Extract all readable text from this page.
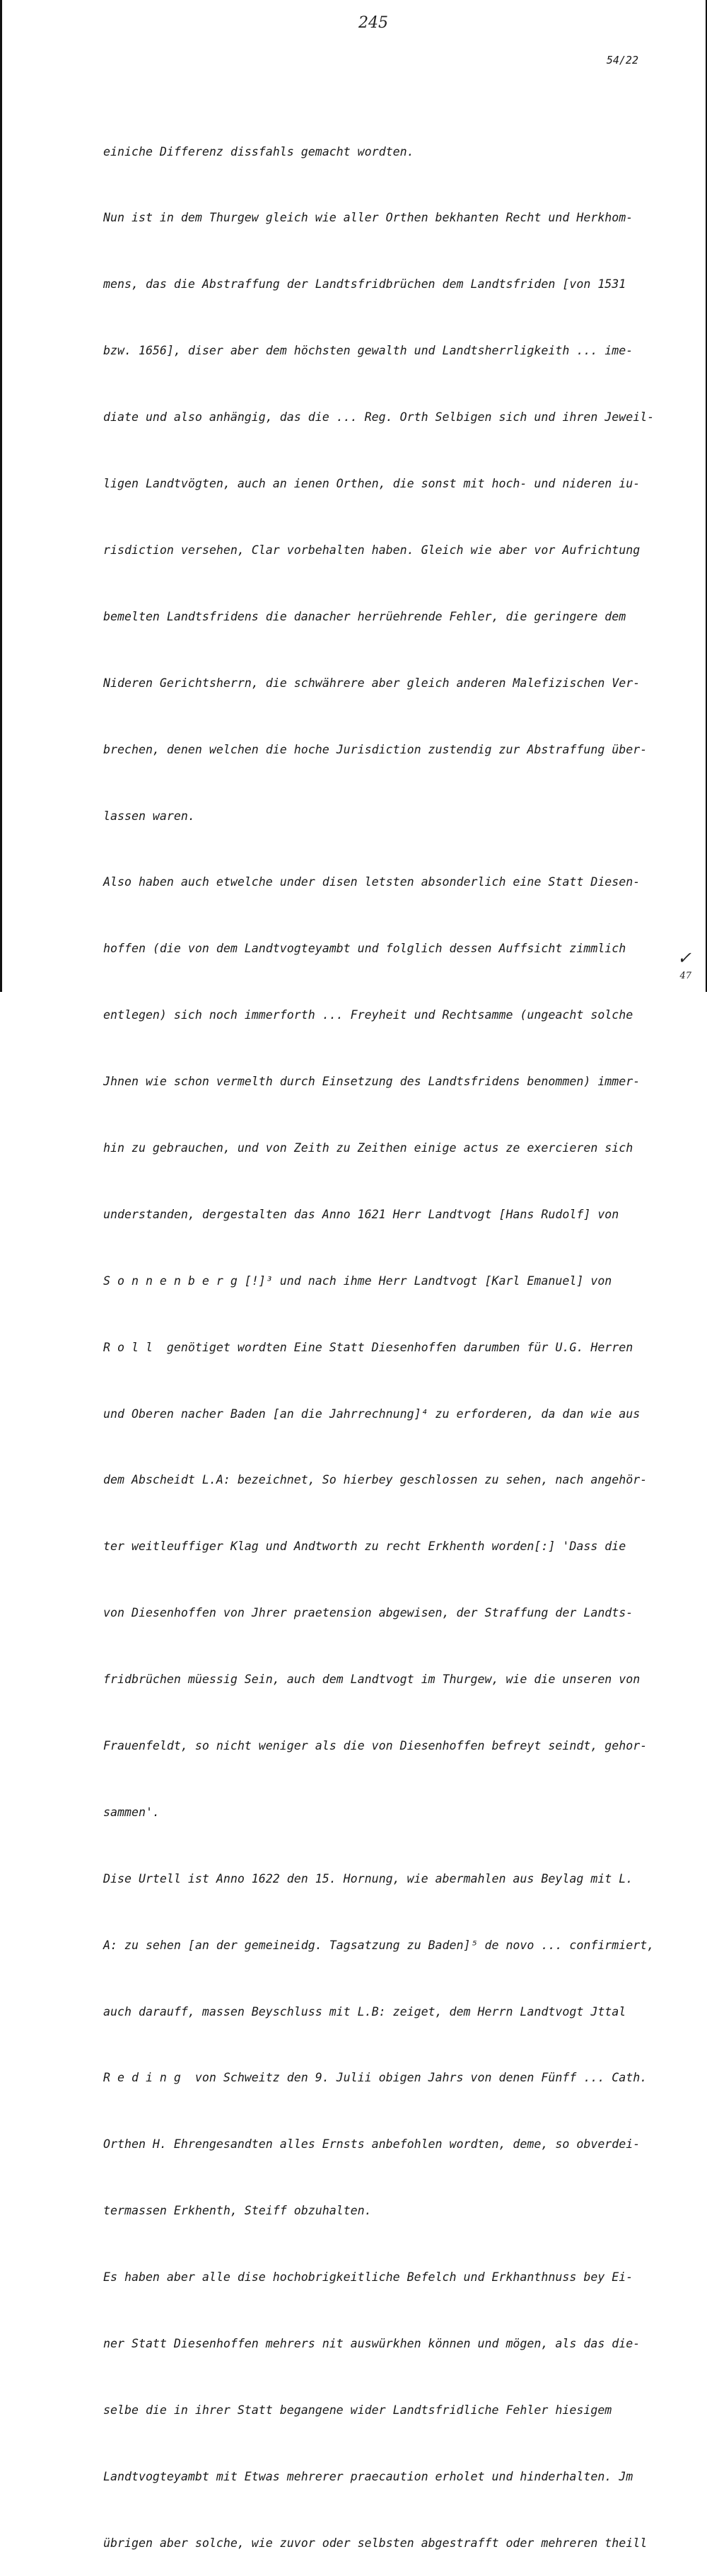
245
54/22

einiche Differenz dissfahls gemacht wordten.

Nun ist in dem Thurgew gleich wie aller Orthen bekhanten Recht und Herkhom-

mens, das die Abstraffung der Landtsfridbrüchen dem Landtsfriden [von 1531

bzw. 1656], diser aber dem höchsten gewalth und Landtsherrligkeith ... ime-

diate und also anhängig, das die ... Reg. Orth Selbigen sich und ihren Jeweil-

ligen Landtvögten, auch an ienen Orthen, die sonst mit hoch- und nideren iu-

risdiction versehen, Clar vorbehalten haben. Gleich wie aber vor Aufrichtung

bemelten Landtsfridens die danacher herrüehrende Fehler, die geringere dem

Nideren Gerichtsherrn, die schwährere aber gleich anderen Malefizischen Ver-

brechen, denen welchen die hoche Jurisdiction zustendig zur Abstraffung über-

lassen waren.

Also haben auch etwelche under disen letsten absonderlich eine Statt Diesen-

hoffen (die von dem Landtvogteyambt und folglich dessen Auffsicht zimmlich

entlegen) sich noch immerforth ... Freyheit und Rechtsamme (ungeacht solche

Jhnen wie schon vermelth durch Einsetzung des Landtsfridens benommen) immer-

hin zu gebrauchen, und von Zeith zu Zeithen einige actus ze exercieren sich

understanden, dergestalten das Anno 1621 Herr Landtvogt [Hans Rudolf] von

S o n n e n b e r g [!]³ und nach ihme Herr Landtvogt [Karl Emanuel] von

R o l l  genötiget wordten Eine Statt Diesenhoffen darumben für U.G. Herren

und Oberen nacher Baden [an die Jahrrechnung]⁴ zu erforderen, da dan wie aus

dem Abscheidt L.A: bezeichnet, So hierbey geschlossen zu sehen, nach angehör-

ter weitleuffiger Klag und Andtworth zu recht Erkhenth worden[:] 'Dass die

von Diesenhoffen von Jhrer praetension abgewisen, der Straffung der Landts-

fridbrüchen müessig Sein, auch dem Landtvogt im Thurgew, wie die unseren von

Frauenfeldt, so nicht weniger als die von Diesenhoffen befreyt seindt, gehor-

sammen'.

Dise Urtell ist Anno 1622 den 15. Hornung, wie abermahlen aus Beylag mit L.

A: zu sehen [an der gemeineidg. Tagsatzung zu Baden]⁵ de novo ... confirmiert,

auch darauff, massen Beyschluss mit L.B: zeiget, dem Herrn Landtvogt Jttal

R e d i n g  von Schweitz den 9. Julii obigen Jahrs von denen Fünff ... Cath.

Orthen H. Ehrengesandten alles Ernsts anbefohlen wordten, deme, so obverdei-

termassen Erkhenth, Steiff obzuhalten.

Es haben aber alle dise hochobrigkeitliche Befelch und Erkhanthnuss bey Ei-

ner Statt Diesenhoffen mehrers nit auswürkhen können und mögen, als das die-

selbe die in ihrer Statt begangene wider Landtsfridliche Fehler hiesigem

Landtvogteyambt mit Etwas mehrerer praecaution erholet und hinderhalten. Jm

übrigen aber solche, wie zuvor oder selbsten abgestrafft oder mehreren theill

✓
47
